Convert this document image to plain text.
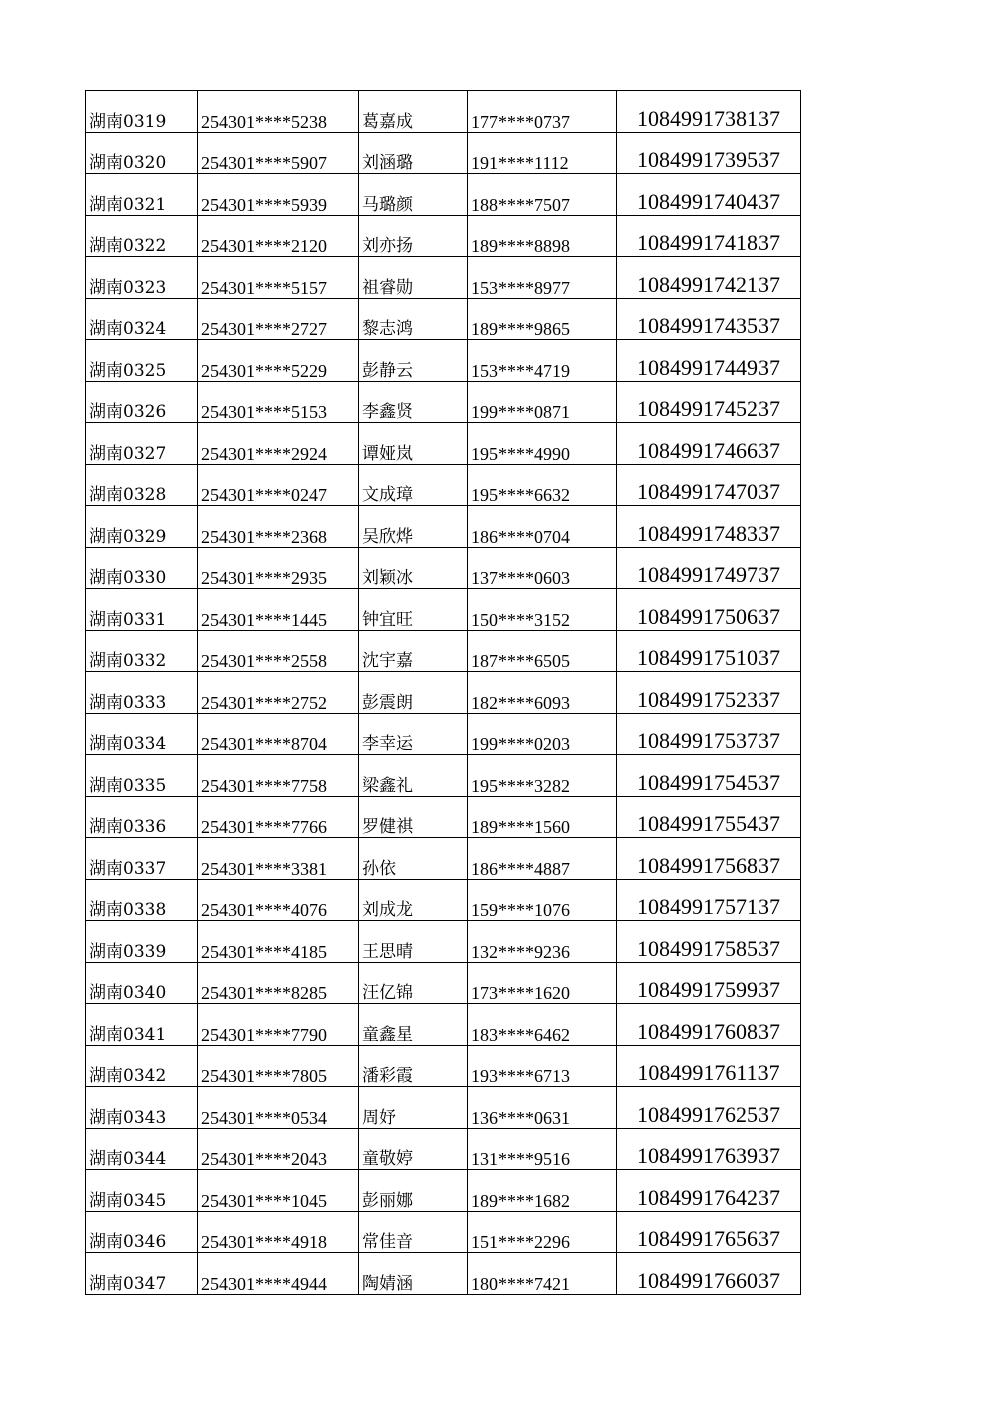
湖南0319	254301****5238	葛嘉成	177****0737	1084991738137
湖南0320	254301****5907	刘涵璐	191****1112	1084991739537
湖南0321	254301****5939	马璐颜	188****7507	1084991740437
湖南0322	254301****2120	刘亦扬	189****8898	1084991741837
湖南0323	254301****5157	祖睿勋	153****8977	1084991742137
湖南0324	254301****2727	黎志鸿	189****9865	1084991743537
湖南0325	254301****5229	彭静云	153****4719	1084991744937
湖南0326	254301****5153	李鑫贤	199****0871	1084991745237
湖南0327	254301****2924	谭娅岚	195****4990	1084991746637
湖南0328	254301****0247	文成璋	195****6632	1084991747037
湖南0329	254301****2368	吴欣烨	186****0704	1084991748337
湖南0330	254301****2935	刘颖冰	137****0603	1084991749737
湖南0331	254301****1445	钟宜旺	150****3152	1084991750637
湖南0332	254301****2558	沈宇嘉	187****6505	1084991751037
湖南0333	254301****2752	彭震朗	182****6093	1084991752337
湖南0334	254301****8704	李幸运	199****0203	1084991753737
湖南0335	254301****7758	梁鑫礼	195****3282	1084991754537
湖南0336	254301****7766	罗健祺	189****1560	1084991755437
湖南0337	254301****3381	孙依	186****4887	1084991756837
湖南0338	254301****4076	刘成龙	159****1076	1084991757137
湖南0339	254301****4185	王思晴	132****9236	1084991758537
湖南0340	254301****8285	汪亿锦	173****1620	1084991759937
湖南0341	254301****7790	童鑫星	183****6462	1084991760837
湖南0342	254301****7805	潘彩霞	193****6713	1084991761137
湖南0343	254301****0534	周妤	136****0631	1084991762537
湖南0344	254301****2043	童敬婷	131****9516	1084991763937
湖南0345	254301****1045	彭丽娜	189****1682	1084991764237
湖南0346	254301****4918	常佳音	151****2296	1084991765637
湖南0347	254301****4944	陶婧涵	180****7421	1084991766037
